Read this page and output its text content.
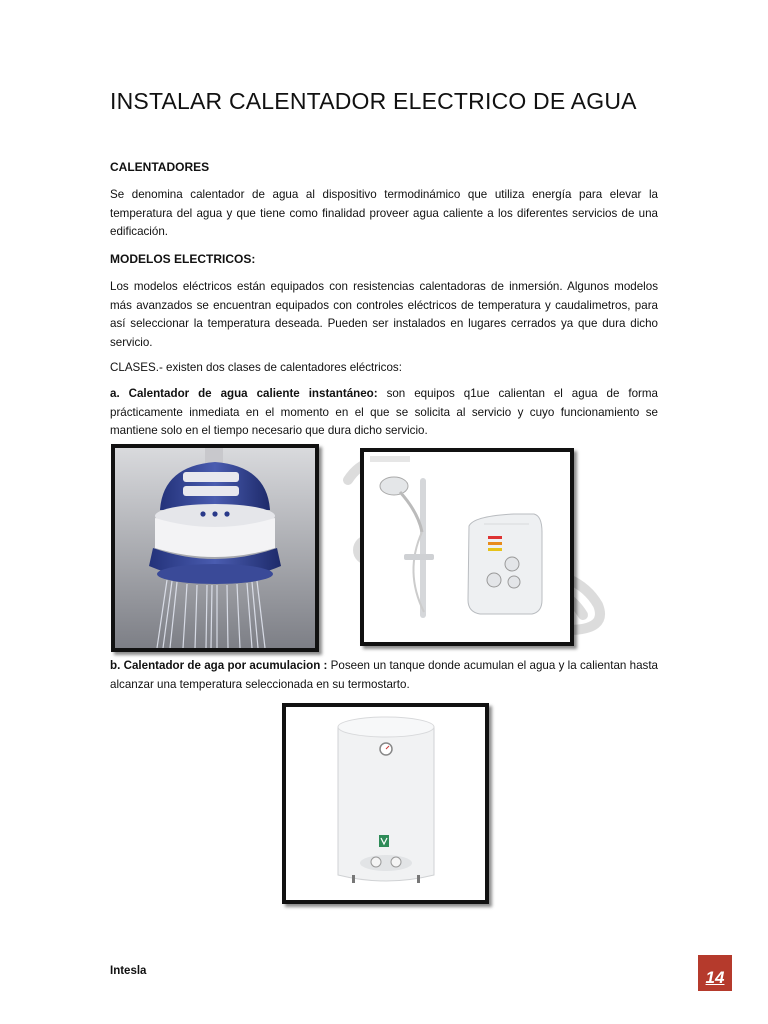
INSTALAR CALENTADOR ELECTRICO DE AGUA
CALENTADORES
Se denomina calentador de agua al dispositivo termodinámico que utiliza energía para elevar la temperatura del agua y que tiene como finalidad proveer agua caliente a los diferentes servicios de una edificación.
MODELOS ELECTRICOS:
Los modelos eléctricos están equipados con resistencias calentadoras de inmersión. Algunos modelos más avanzados se encuentran equipados con controles eléctricos de temperatura y caudalimetros, para así seleccionar la temperatura deseada. Pueden ser instalados en lugares cerrados ya que dura dicho servicio.
CLASES.- existen dos clases de calentadores eléctricos:
a. Calentador de agua caliente instantáneo: son equipos q1ue calientan el agua de forma prácticamente inmediata en el momento en el que se solicita al servicio y cuyo funcionamiento se mantiene solo en el tiempo necesario que dura dicho servicio.
b. Calentador de aga por acumulacion : Poseen un tanque donde acumulan el agua y la calientan hasta alcanzar una temperatura seleccionada en su termostarto.
Intesla	14
